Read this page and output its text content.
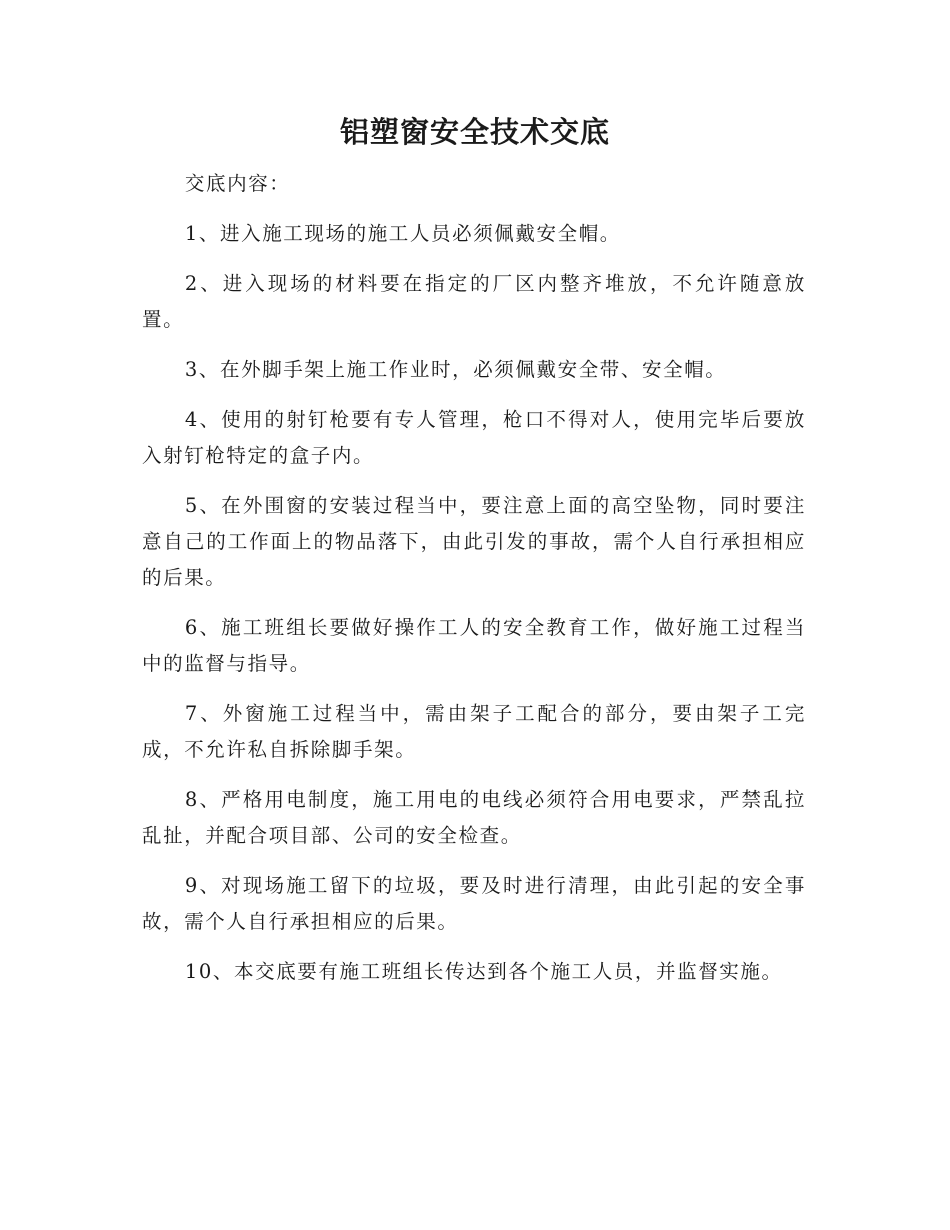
铝塑窗安全技术交底

交底内容：

1、进入施工现场的施工人员必须佩戴安全帽。

2、进入现场的材料要在指定的厂区内整齐堆放，不允许随意放置。

3、在外脚手架上施工作业时，必须佩戴安全带、安全帽。

4、使用的射钉枪要有专人管理，枪口不得对人，使用完毕后要放入射钉枪特定的盒子内。

5、在外围窗的安装过程当中，要注意上面的高空坠物，同时要注意自己的工作面上的物品落下，由此引发的事故，需个人自行承担相应的后果。

6、施工班组长要做好操作工人的安全教育工作，做好施工过程当中的监督与指导。

7、外窗施工过程当中，需由架子工配合的部分，要由架子工完成，不允许私自拆除脚手架。

8、严格用电制度，施工用电的电线必须符合用电要求，严禁乱拉乱扯，并配合项目部、公司的安全检查。

9、对现场施工留下的垃圾，要及时进行清理，由此引起的安全事故，需个人自行承担相应的后果。

10、本交底要有施工班组长传达到各个施工人员，并监督实施。
